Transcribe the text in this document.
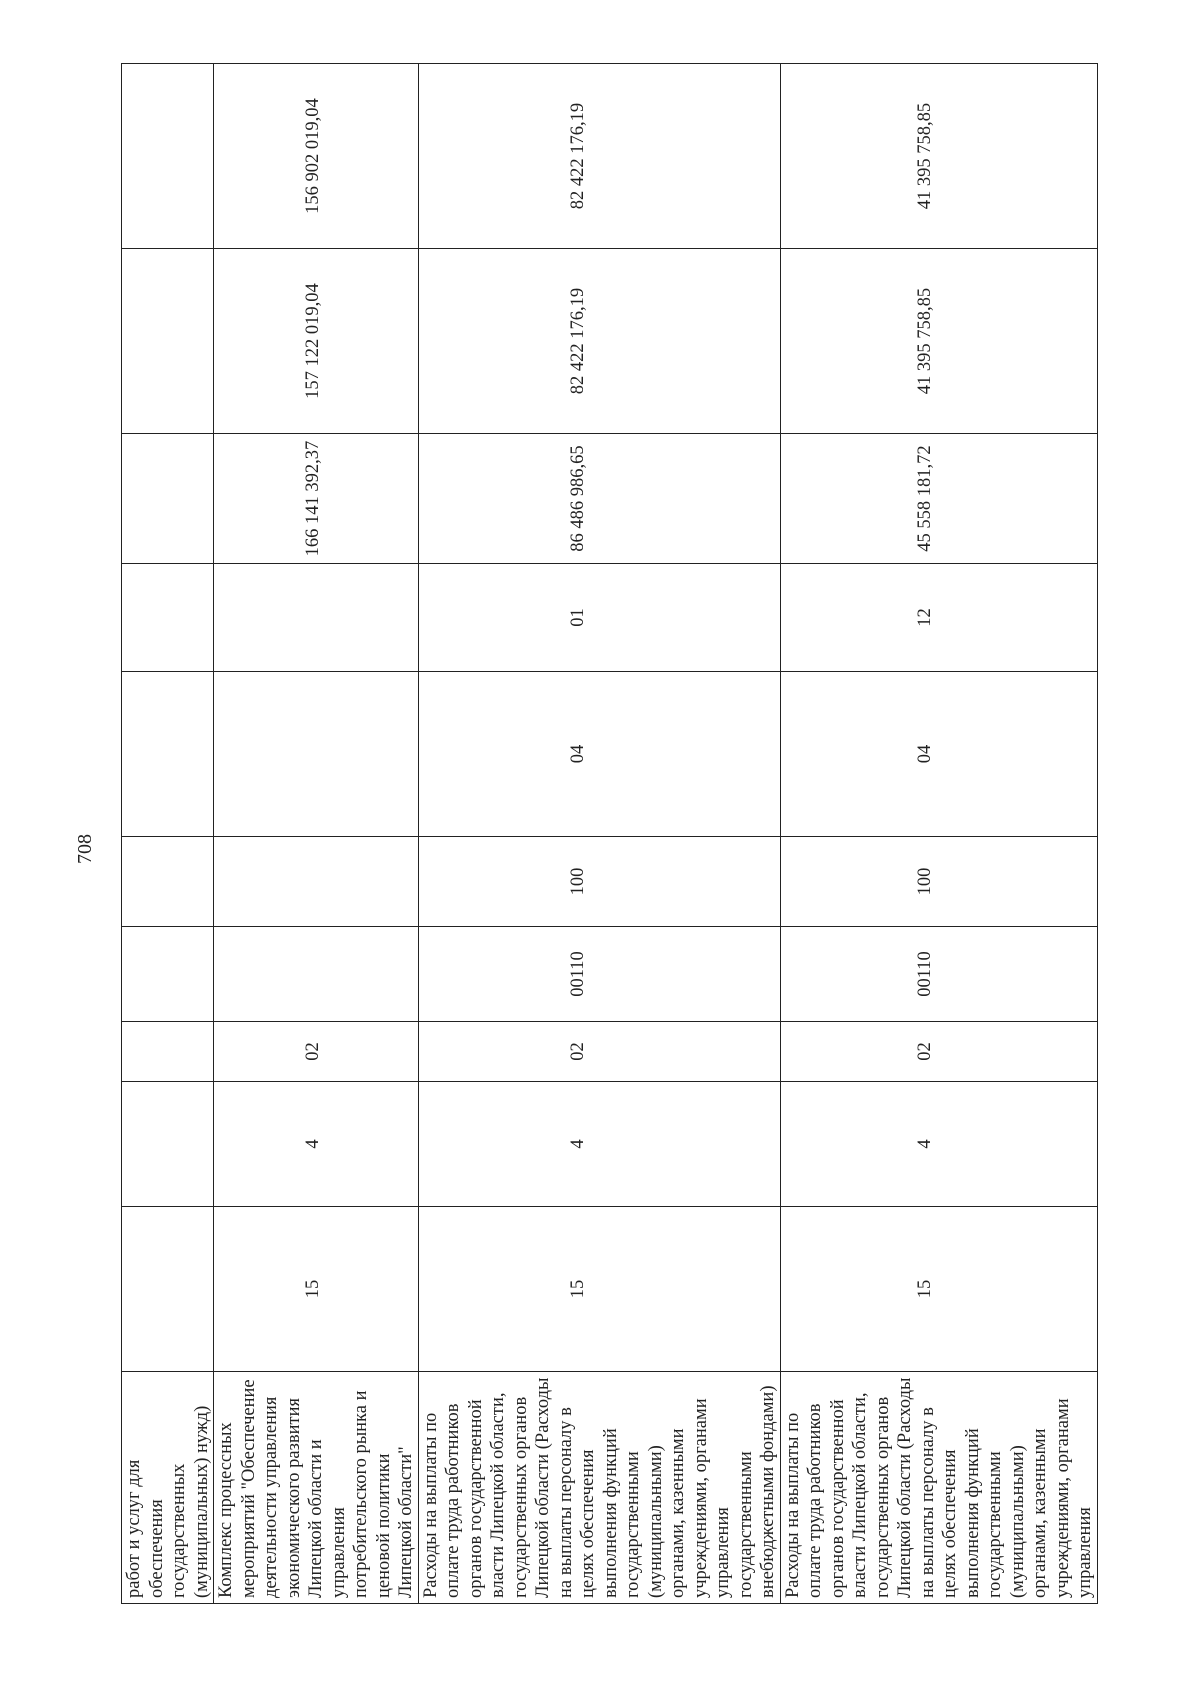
708
работ и услуг для обеспечения государственных (муниципальных) нужд)	

Комплекс процессных мероприятий "Обеспечение деятельности управления экономического развития Липецкой области и управления потребительского рынка и ценовой политики Липецкой области"	15	4	02					166 141 392,37	157 122 019,04	156 902 019,04

Расходы на выплаты по оплате труда работников органов государственной власти Липецкой области, государственных органов Липецкой области (Расходы на выплаты персоналу в целях обеспечения выполнения функций государственными (муниципальными) органами, казенными учреждениями, органами управления государственными внебюджетными фондами)	15	4	02	00110	100	04	01	86 486 986,65	82 422 176,19	82 422 176,19

Расходы на выплаты по оплате труда работников органов государственной власти Липецкой области, государственных органов Липецкой области (Расходы на выплаты персоналу в целях обеспечения выполнения функций государственными (муниципальными) органами, казенными учреждениями, органами управления	15	4	02	00110	100	04	12	45 558 181,72	41 395 758,85	41 395 758,85
